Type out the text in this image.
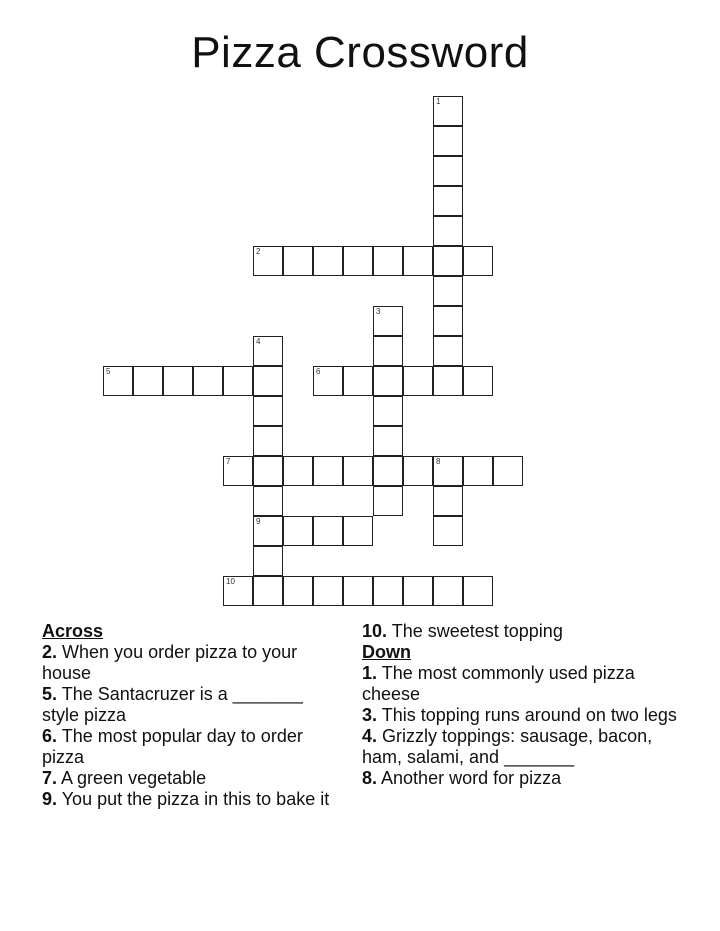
Pizza Crossword
1
2
3
4
9
5	6
7	8
10
Across
2. When you order pizza to your house
5. The Santacruzer is a _______ style pizza
6. The most popular day to order pizza
7. A green vegetable
9. You put the pizza in this to bake it
10. The sweetest topping
Down
1. The most commonly used pizza cheese
3. This topping runs around on two legs
4. Grizzly toppings: sausage, bacon, ham, salami, and _______
8. Another word for pizza
